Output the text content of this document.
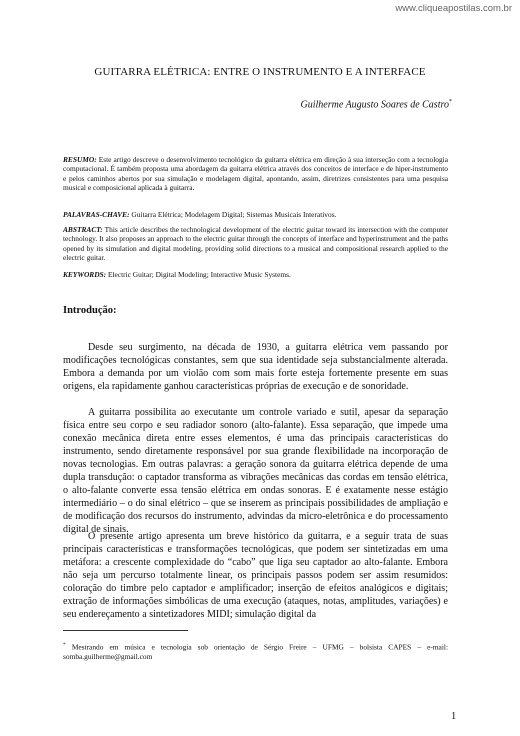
www.cliqueapostilas.com.br
GUITARRA ELÉTRICA: ENTRE O INSTRUMENTO E A INTERFACE
Guilherme Augusto Soares de Castro*

RESUMO: Este artigo descreve o desenvolvimento tecnológico da guitarra elétrica em direção à sua interseção com a tecnologia computacional. É também proposta uma abordagem da guitarra elétrica através dos conceitos de interface e de hiper-instrumento e pelos caminhos abertos por sua simulação e modelagem digital, apontando, assim, diretrizes consistentes para uma pesquisa musical e composicional aplicada à guitarra.

PALAVRAS-CHAVE: Guitarra Elétrica; Modelagem Digital; Sistemas Musicais Interativos.

ABSTRACT: This article describes the technological development of the electric guitar toward its intersection with the computer technology. It also proposes an approach to the electric guitar through the concepts of interface and hyperinstrument and the paths opened by its simulation and digital modeling, providing solid directions to a musical and compositional research applied to the electric guitar.

KEYWORDS: Electric Guitar; Digital Modeling; Interactive Music Systems.

Introdução:

Desde seu surgimento, na década de 1930, a guitarra elétrica vem passando por modificações tecnológicas constantes, sem que sua identidade seja substancialmente alterada. Embora a demanda por um violão com som mais forte esteja fortemente presente em suas origens, ela rapidamente ganhou características próprias de execução e de sonoridade.

A guitarra possibilita ao executante um controle variado e sutil, apesar da separação física entre seu corpo e seu radiador sonoro (alto-falante). Essa separação, que impede uma conexão mecânica direta entre esses elementos, é uma das principais características do instrumento, sendo diretamente responsável por sua grande flexibilidade na incorporação de novas tecnologias. Em outras palavras: a geração sonora da guitarra elétrica depende de uma dupla transdução: o captador transforma as vibrações mecânicas das cordas em tensão elétrica, o alto-falante converte essa tensão elétrica em ondas sonoras. E é exatamente nesse estágio intermediário – o do sinal elétrico – que se inserem as principais possibilidades de ampliação e de modificação dos recursos do instrumento, advindas da micro-eletrônica e do processamento digital de sinais.

O presente artigo apresenta um breve histórico da guitarra, e a seguir trata de suas principais características e transformações tecnológicas, que podem ser sintetizadas em uma metáfora: a crescente complexidade do “cabo” que liga seu captador ao alto-falante. Embora não seja um percurso totalmente linear, os principais passos podem ser assim resumidos: coloração do timbre pelo captador e amplificador; inserção de efeitos analógicos e digitais; extração de informações simbólicas de uma execução (ataques, notas, amplitudes, variações) e seu endereçamento a sintetizadores MIDI; simulação digital da

* Mestrando em música e tecnologia sob orientação de Sérgio Freire – UFMG – bolsista CAPES – e-mail: somba.guilherme@gmail.com

1
